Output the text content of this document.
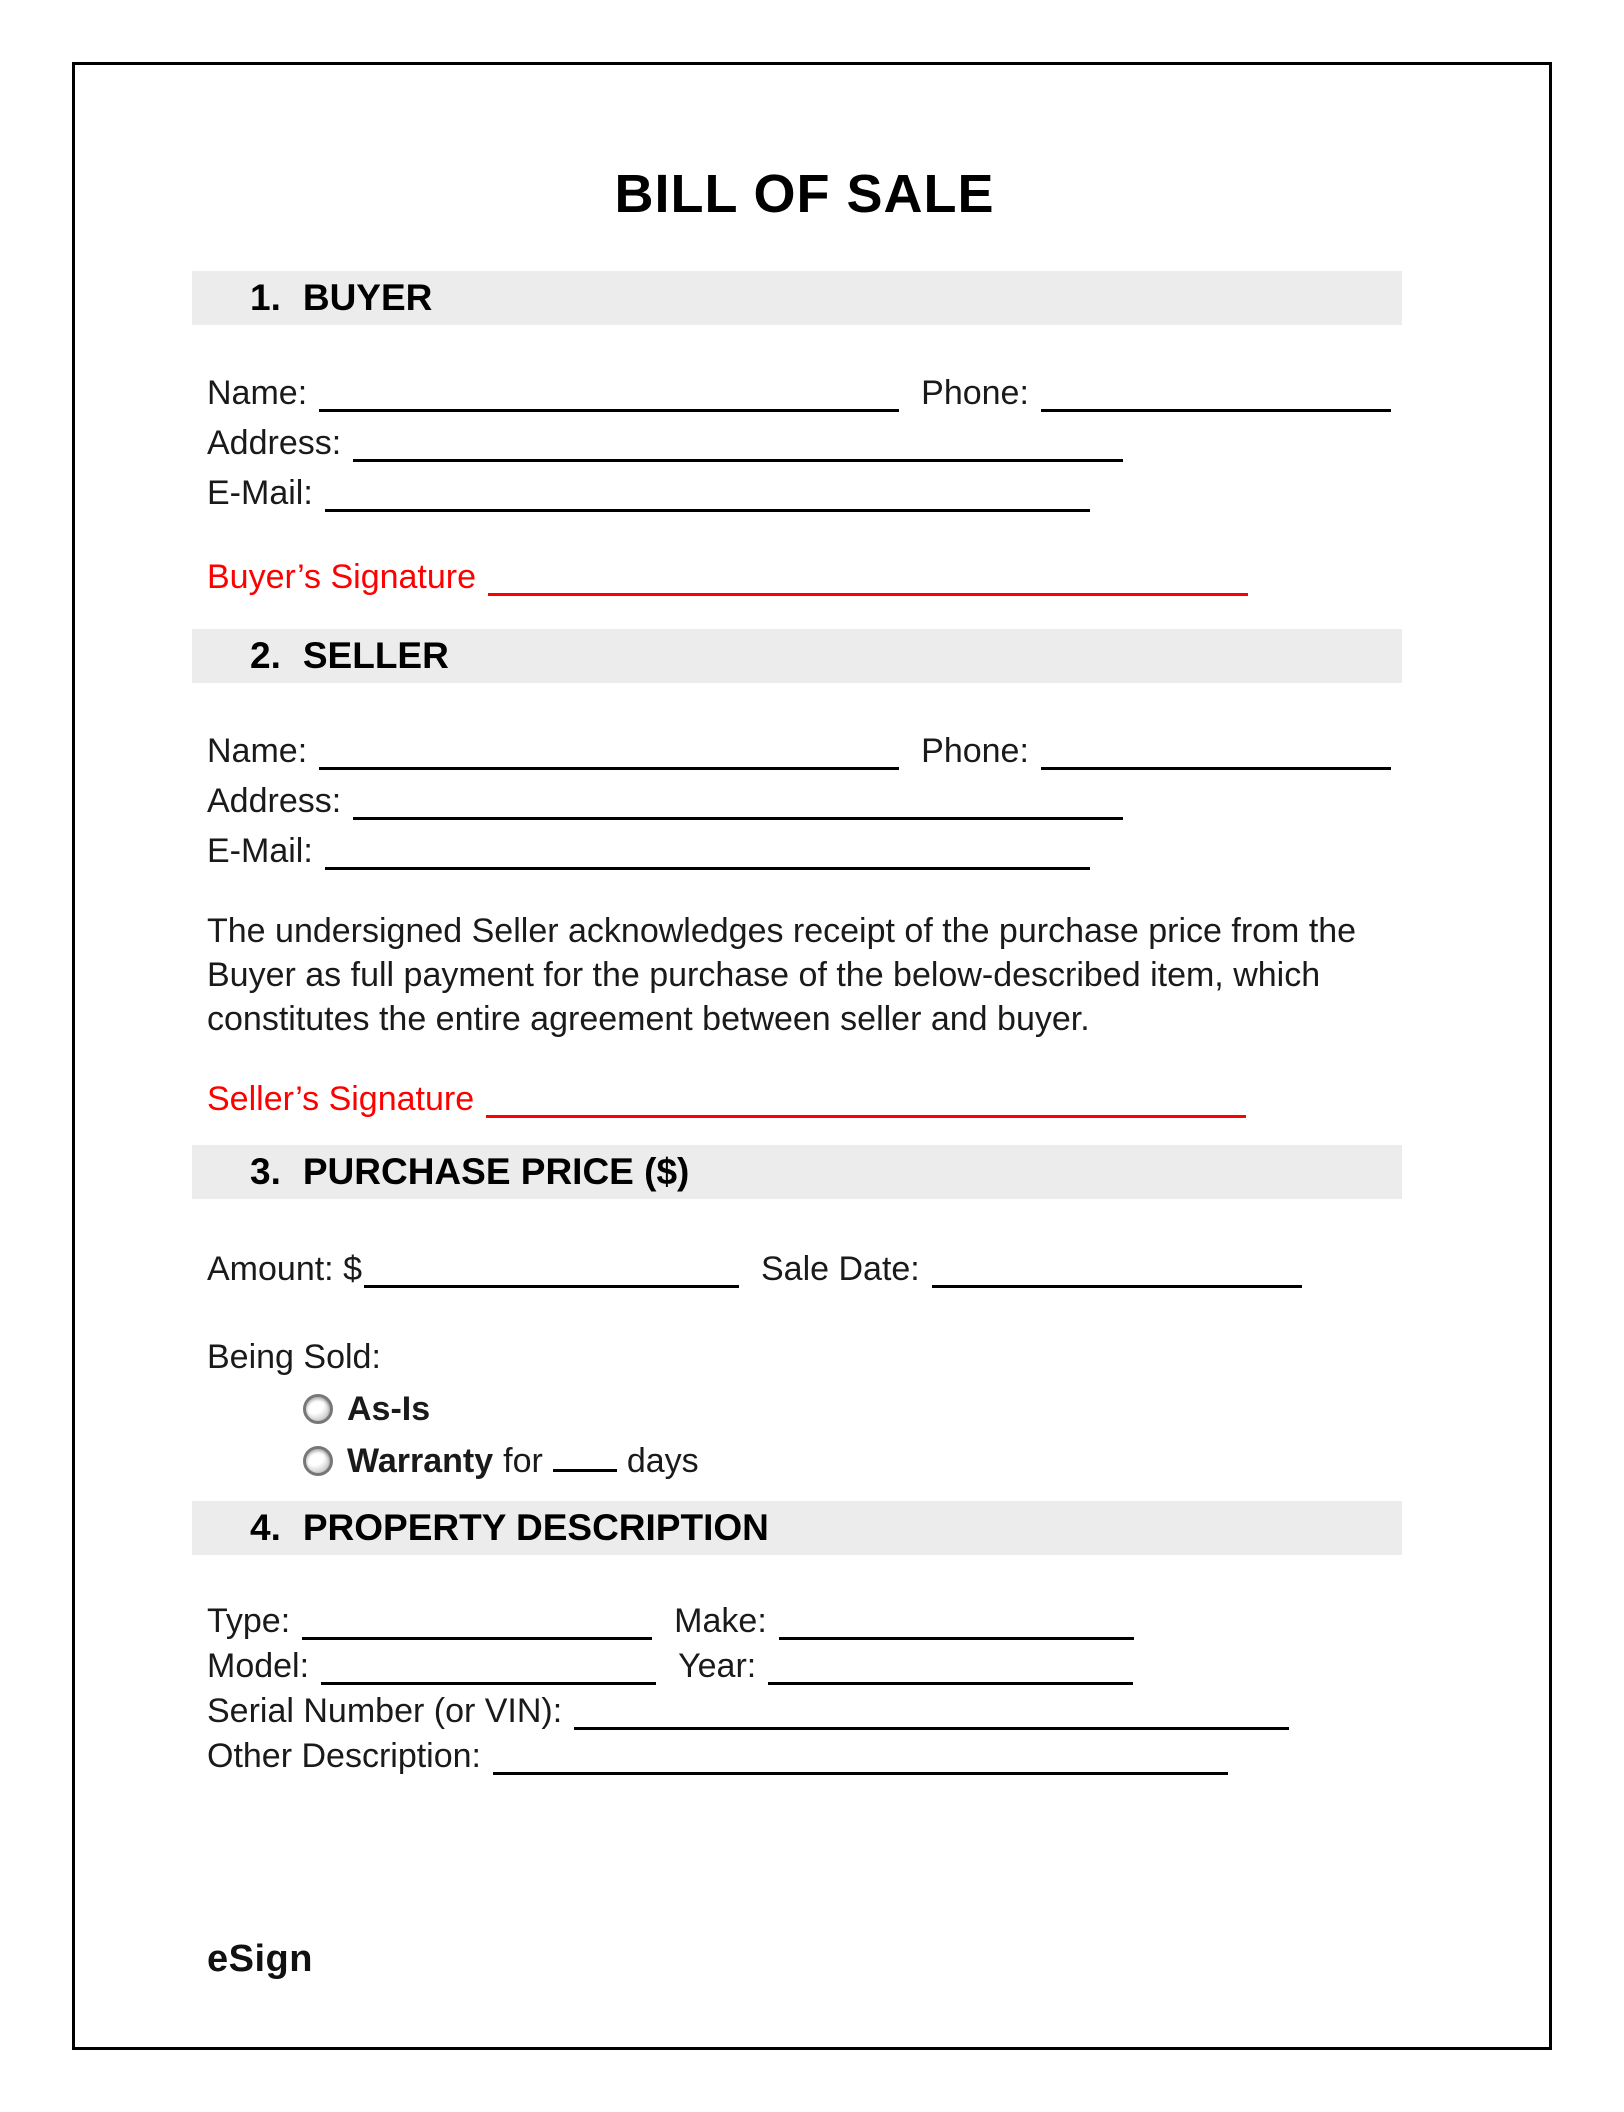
BILL OF SALE
1. BUYER
Name:	Phone:
Address:
E-Mail:
Buyer’s Signature
2. SELLER
Name:	Phone:
Address:
E-Mail:

The undersigned Seller acknowledges receipt of the purchase price from the Buyer as full payment for the purchase of the below-described item, which constitutes the entire agreement between seller and buyer.

Seller’s Signature
3. PURCHASE PRICE ($)
Amount: $	Sale Date:
Being Sold:
As-Is
Warranty for days
4. PROPERTY DESCRIPTION
Type:	Make:
Model:	Year:
Serial Number (or VIN):
Other Description:
eSign
